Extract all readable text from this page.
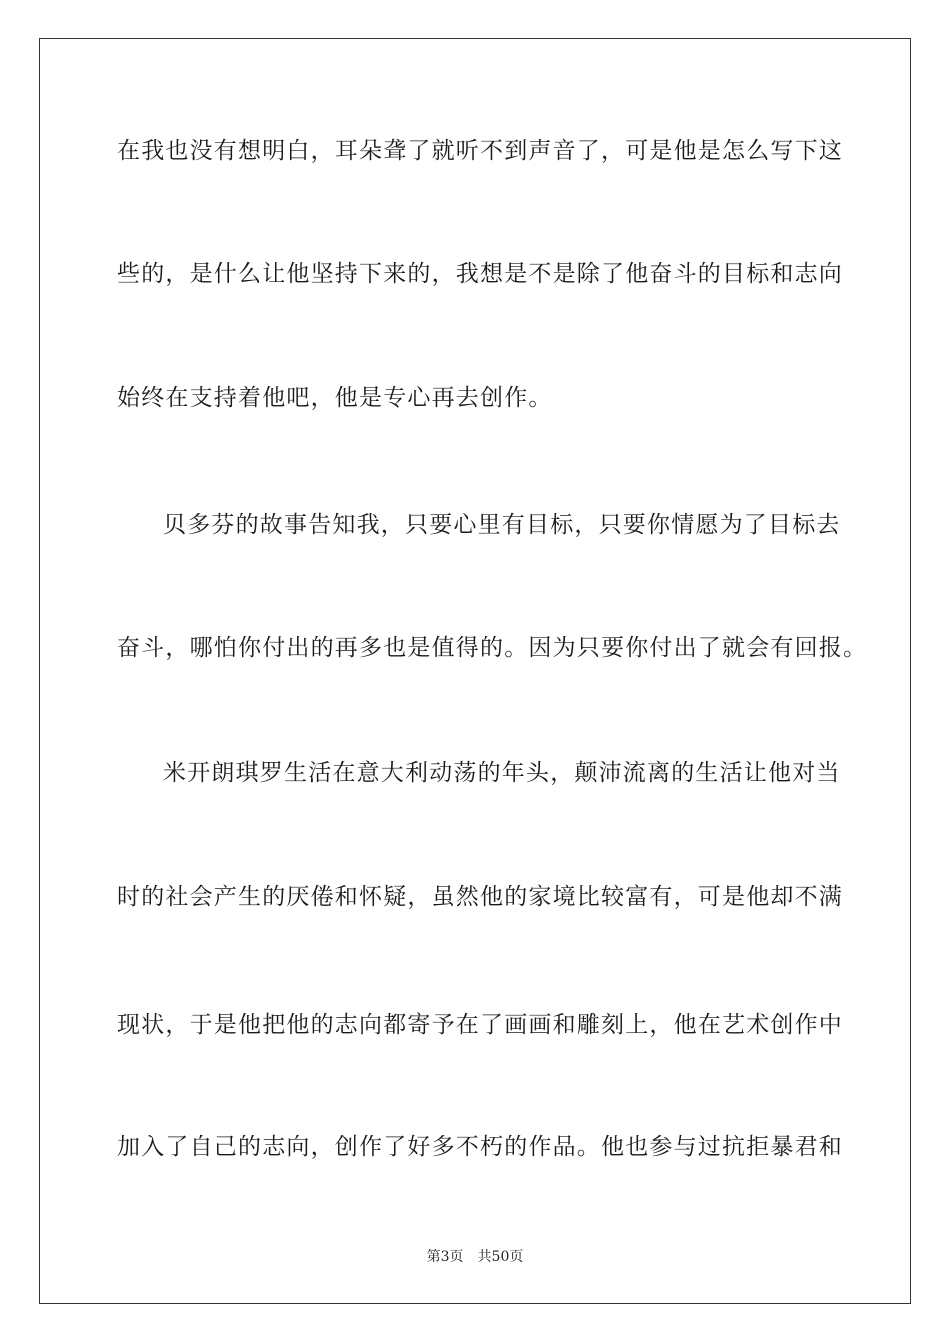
在我也没有想明白，耳朵聋了就听不到声音了，可是他是怎么写下这
些的，是什么让他坚持下来的，我想是不是除了他奋斗的目标和志向
始终在支持着他吧，他是专心再去创作。
贝多芬的故事告知我，只要心里有目标，只要你情愿为了目标去
奋斗，哪怕你付出的再多也是值得的。因为只要你付出了就会有回报。
米开朗琪罗生活在意大利动荡的年头，颠沛流离的生活让他对当
时的社会产生的厌倦和怀疑，虽然他的家境比较富有，可是他却不满
现状，于是他把他的志向都寄予在了画画和雕刻上，他在艺术创作中
加入了自己的志向，创作了好多不朽的作品。他也参与过抗拒暴君和
第3页 共50页
